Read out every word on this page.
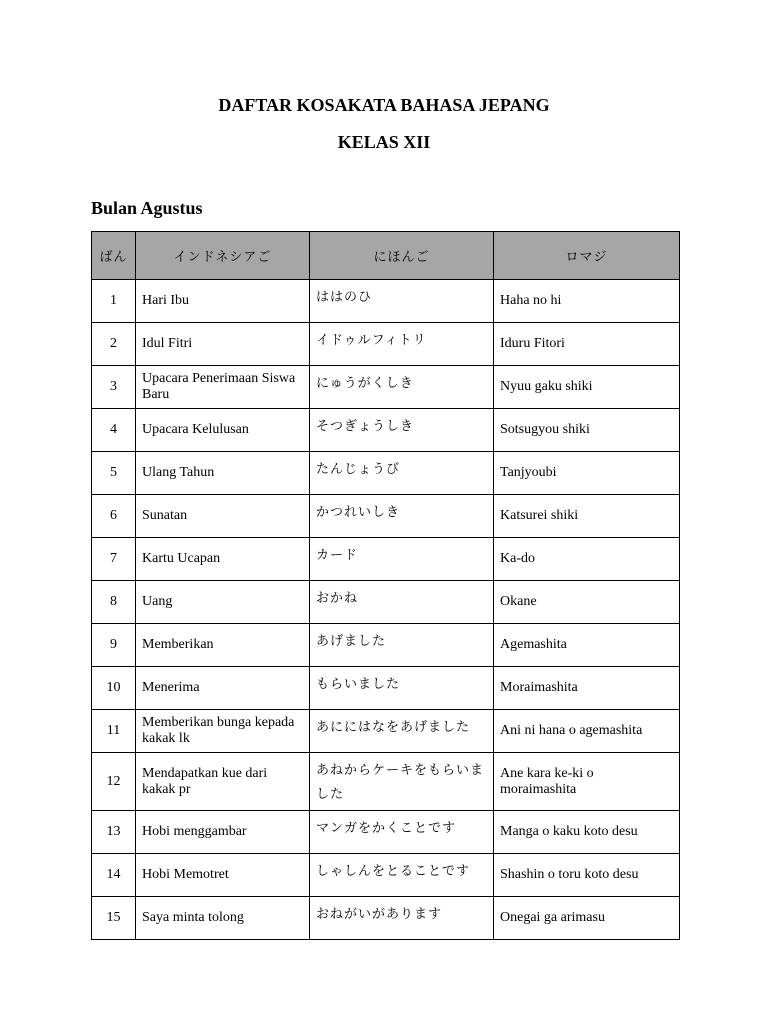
DAFTAR KOSAKATA BAHASA JEPANG
KELAS XII
Bulan Agustus
ばん	インドネシアご	にほんご	ロマジ
1	Hari Ibu	ははのひ	Haha no hi
2	Idul Fitri	イドゥルフィトリ	Iduru Fitori
3	Upacara Penerimaan Siswa Baru	にゅうがくしき	Nyuu gaku shiki
4	Upacara Kelulusan	そつぎょうしき	Sotsugyou shiki
5	Ulang Tahun	たんじょうび	Tanjyoubi
6	Sunatan	かつれいしき	Katsurei shiki
7	Kartu Ucapan	カード	Ka-do
8	Uang	おかね	Okane
9	Memberikan	あげました	Agemashita
10	Menerima	もらいました	Moraimashita
11	Memberikan bunga kepada kakak lk	あににはなをあげました	Ani ni hana o agemashita
12	Mendapatkan kue dari kakak pr	あねからケーキをもらいました	Ane kara ke-ki o moraimashita
13	Hobi menggambar	マンガをかくことです	Manga o kaku koto desu
14	Hobi Memotret	しゃしんをとることです	Shashin o toru koto desu
15	Saya minta tolong	おねがいがあります	Onegai ga arimasu
